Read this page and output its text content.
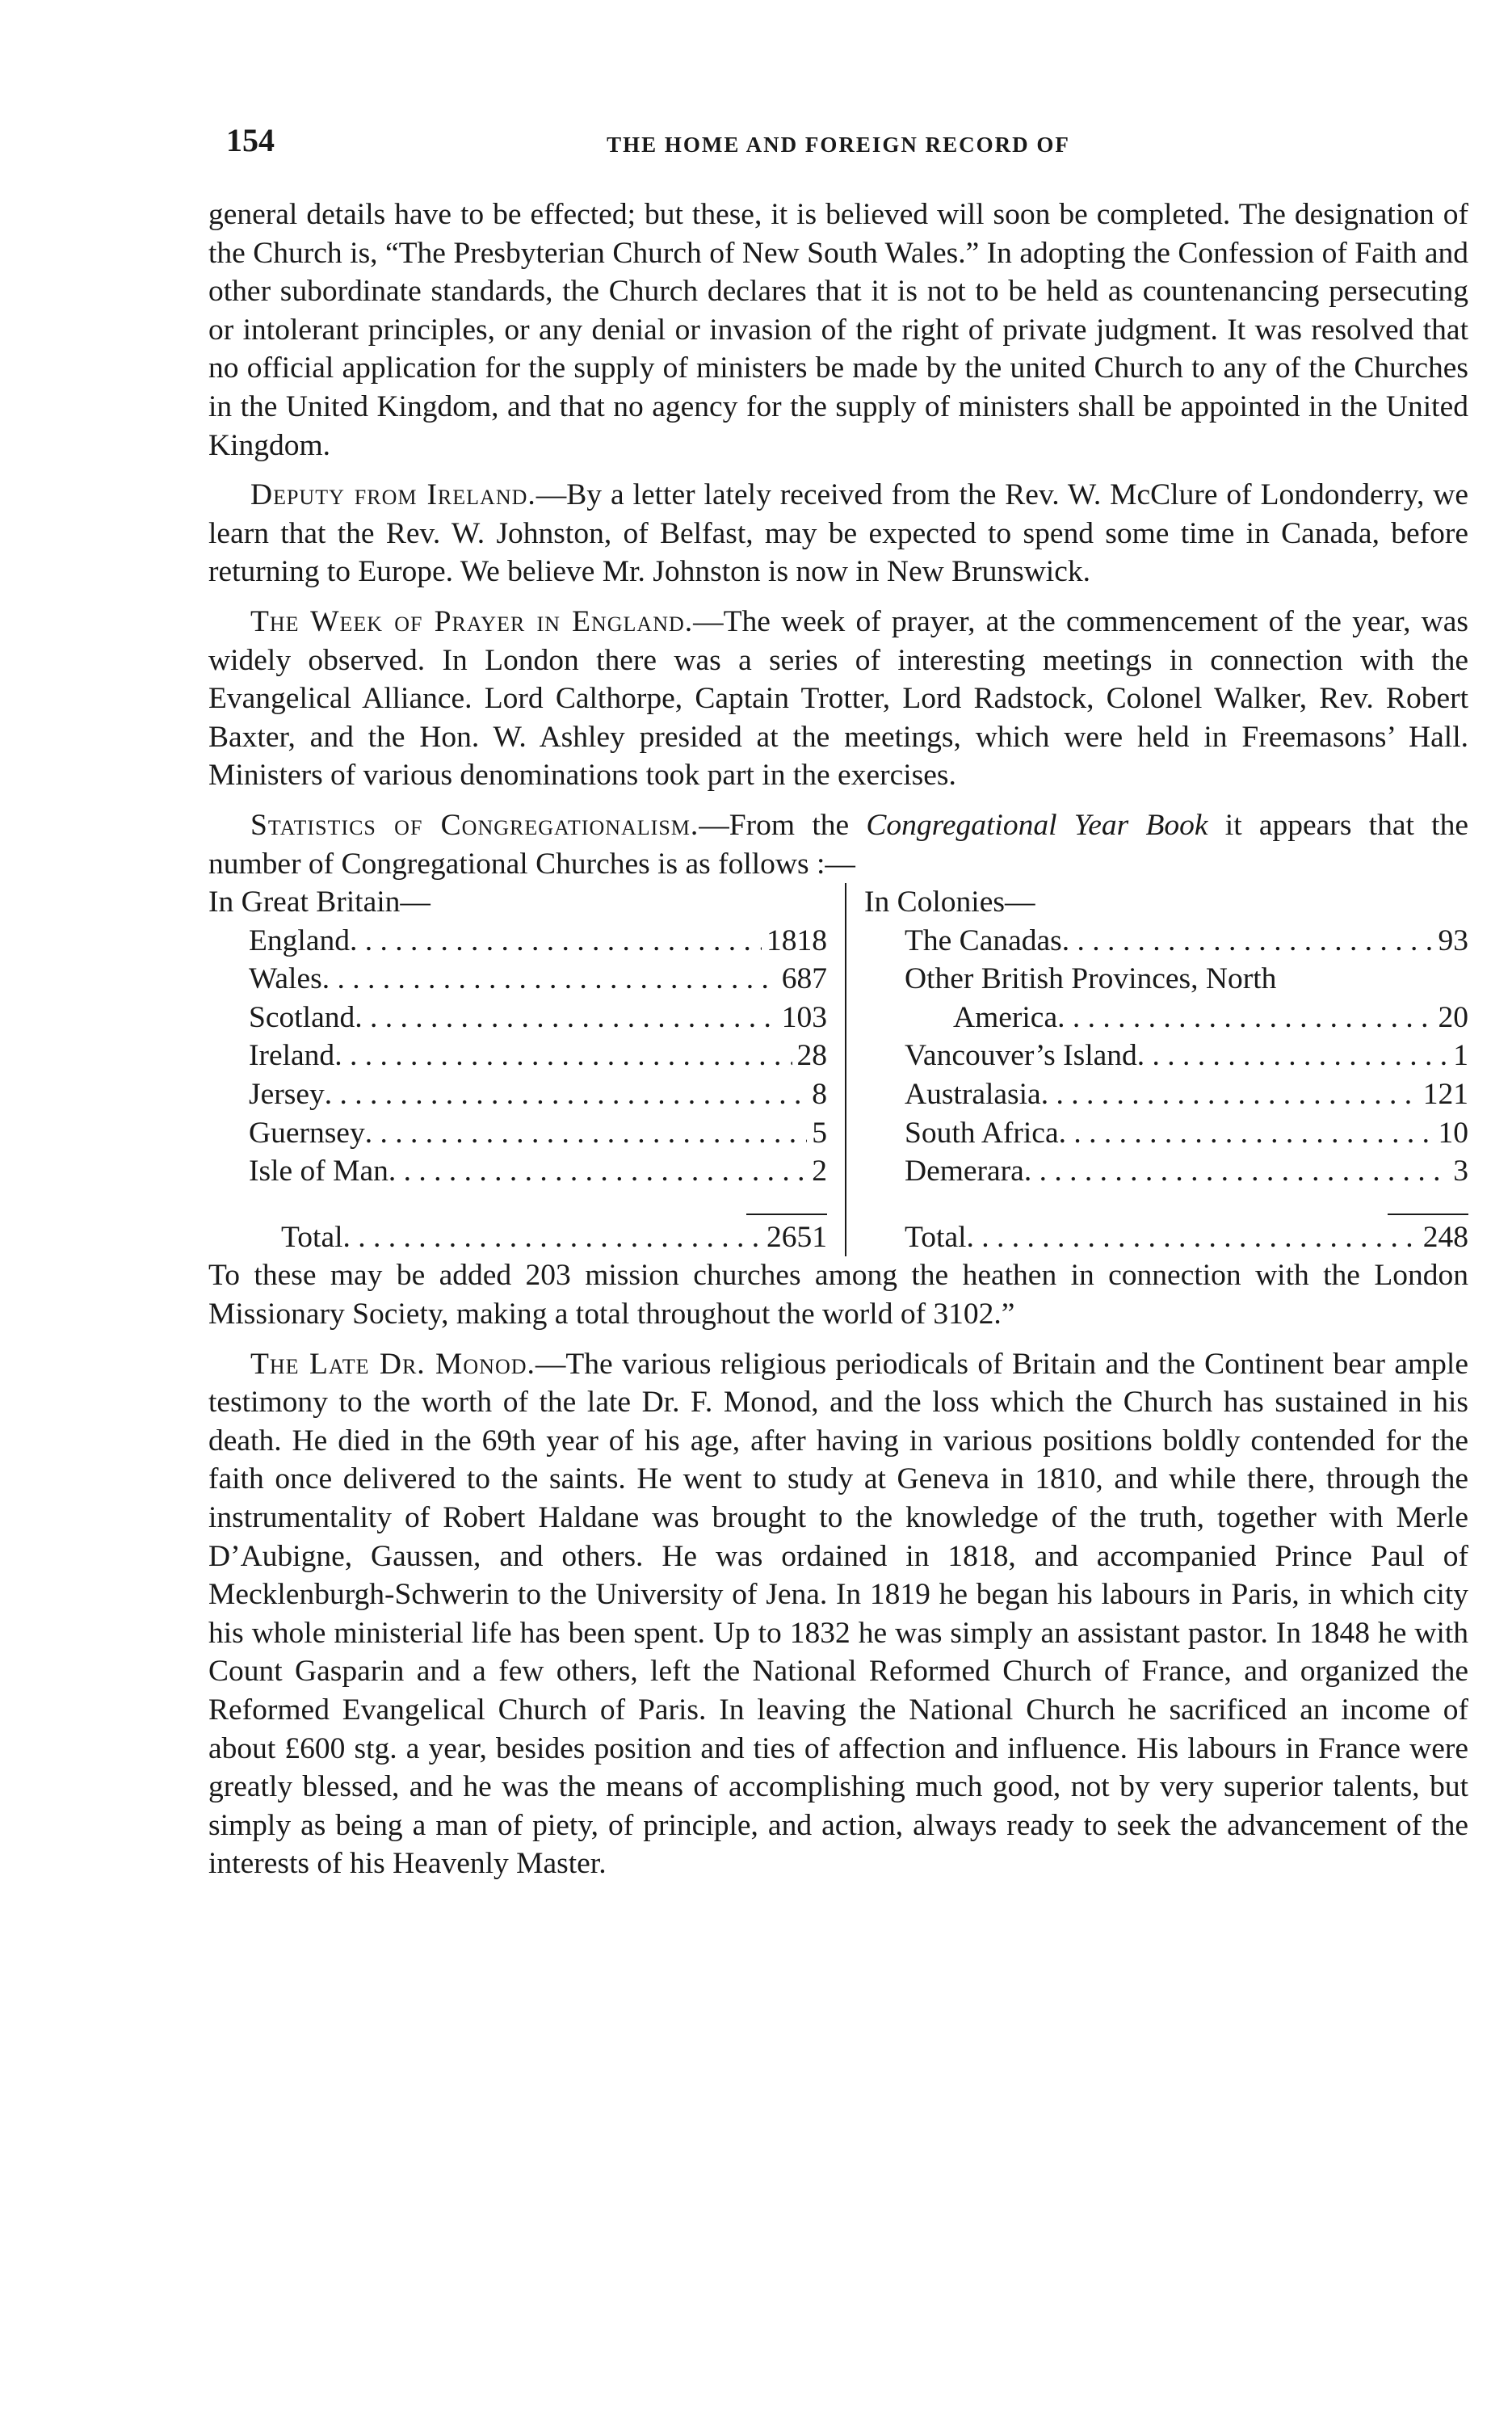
154	THE HOME AND FOREIGN RECORD OF

general details have to be effected; but these, it is believed will soon be completed. The designation of the Church is, “The Presbyterian Church of New South Wales.” In adopting the Confession of Faith and other subordinate standards, the Church declares that it is not to be held as countenancing persecuting or intolerant principles, or any denial or invasion of the right of private judgment. It was resolved that no official application for the supply of ministers be made by the united Church to any of the Churches in the United Kingdom, and that no agency for the supply of ministers shall be appointed in the United Kingdom.

Deputy from Ireland.—By a letter lately received from the Rev. W. McClure of Londonderry, we learn that the Rev. W. Johnston, of Belfast, may be expected to spend some time in Canada, before returning to Europe. We believe Mr. Johnston is now in New Brunswick.

The Week of Prayer in England.—The week of prayer, at the commencement of the year, was widely observed. In London there was a series of interesting meetings in connection with the Evangelical Alliance. Lord Calthorpe, Captain Trotter, Lord Radstock, Colonel Walker, Rev. Robert Baxter, and the Hon. W. Ashley presided at the meetings, which were held in Freemasons’ Hall. Ministers of various denominations took part in the exercises.

Statistics of Congregationalism.—From the Congregational Year Book it appears that the number of Congregational Churches is as follows :—

In Great Britain—
England . . .	1818
Wales . . .	687
Scotland . . .	103
Ireland . . .	28
Jersey . . .	8
Guernsey . . .	5
Isle of Man . . .	2
Total . . .	2651
In Colonies—
The Canadas . . .	93
Other British Provinces, North
America . . .	20
Vancouver’s Island . . .	1
Australasia . . .	121
South Africa . . .	10
Demerara . . .	3
Total . . .	248

To these may be added 203 mission churches among the heathen in connection with the London Missionary Society, making a total throughout the world of 3102.”

The Late Dr. Monod.—The various religious periodicals of Britain and the Continent bear ample testimony to the worth of the late Dr. F. Monod, and the loss which the Church has sustained in his death. He died in the 69th year of his age, after having in various positions boldly contended for the faith once delivered to the saints. He went to study at Geneva in 1810, and while there, through the instrumentality of Robert Haldane was brought to the knowledge of the truth, together with Merle D’Aubigne, Gaussen, and others. He was ordained in 1818, and accompanied Prince Paul of Mecklenburgh-Schwerin to the University of Jena. In 1819 he began his labours in Paris, in which city his whole ministerial life has been spent. Up to 1832 he was simply an assistant pastor. In 1848 he with Count Gasparin and a few others, left the National Reformed Church of France, and organized the Reformed Evangelical Church of Paris. In leaving the National Church he sacrificed an income of about £600 stg. a year, besides position and ties of affection and influence. His labours in France were greatly blessed, and he was the means of accomplishing much good, not by very superior talents, but simply as being a man of piety, of principle, and action, always ready to seek the advancement of the interests of his Heavenly Master.
